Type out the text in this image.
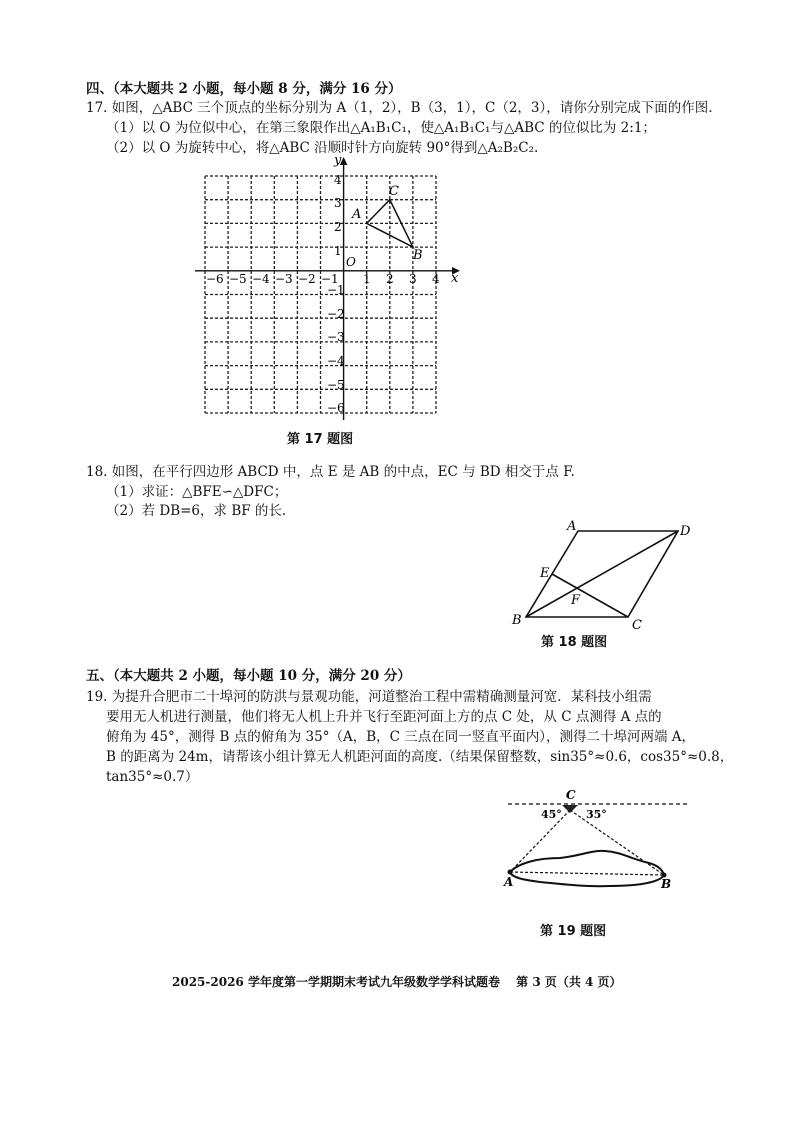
四、（本大题共 2 小题，每小题 8 分，满分 16 分）
17. 如图，△ABC 三个顶点的坐标分别为 A（1，2），B（3，1），C（2，3），请你分别完成下面的作图.
（1）以 O 为位似中心，在第三象限作出△A₁B₁C₁，使△A₁B₁C₁与△ABC 的位似比为 2:1；
（2）以 O 为旋转中心，将△ABC 沿顺时针方向旋转 90°得到△A₂B₂C₂.
x
y
O
−6 −5 −4 −3 −2 −1 1 2 3 4
4
3
2
1
−1
−2
−3
−4
−5
−6
A
B
C
第 17 题图
18. 如图，在平行四边形 ABCD 中，点 E 是 AB 的中点，EC 与 BD 相交于点 F.
（1）求证：△BFE∽△DFC；
（2）若 DB=6，求 BF 的长.
A	D
C
B
E
F
第 18 题图
五、（本大题共 2 小题，每小题 10 分，满分 20 分）
19. 为提升合肥市二十埠河的防洪与景观功能，河道整治工程中需精确测量河宽．某科技小组需
要用无人机进行测量，他们将无人机上升并飞行至距河面上方的点 C 处，从 C 点测得 A 点的
俯角为 45°，测得 B 点的俯角为 35°（A，B，C 三点在同一竖直平面内），测得二十埠河两端 A，
B 的距离为 24m，请帮该小组计算无人机距河面的高度.（结果保留整数，sin35°≈0.6，cos35°≈0.8，
tan35°≈0.7）
C
45° 35°
A	B
第 19 题图
2025-2026 学年度第一学期期末考试九年级数学学科试题卷　 第 3 页（共 4 页）
